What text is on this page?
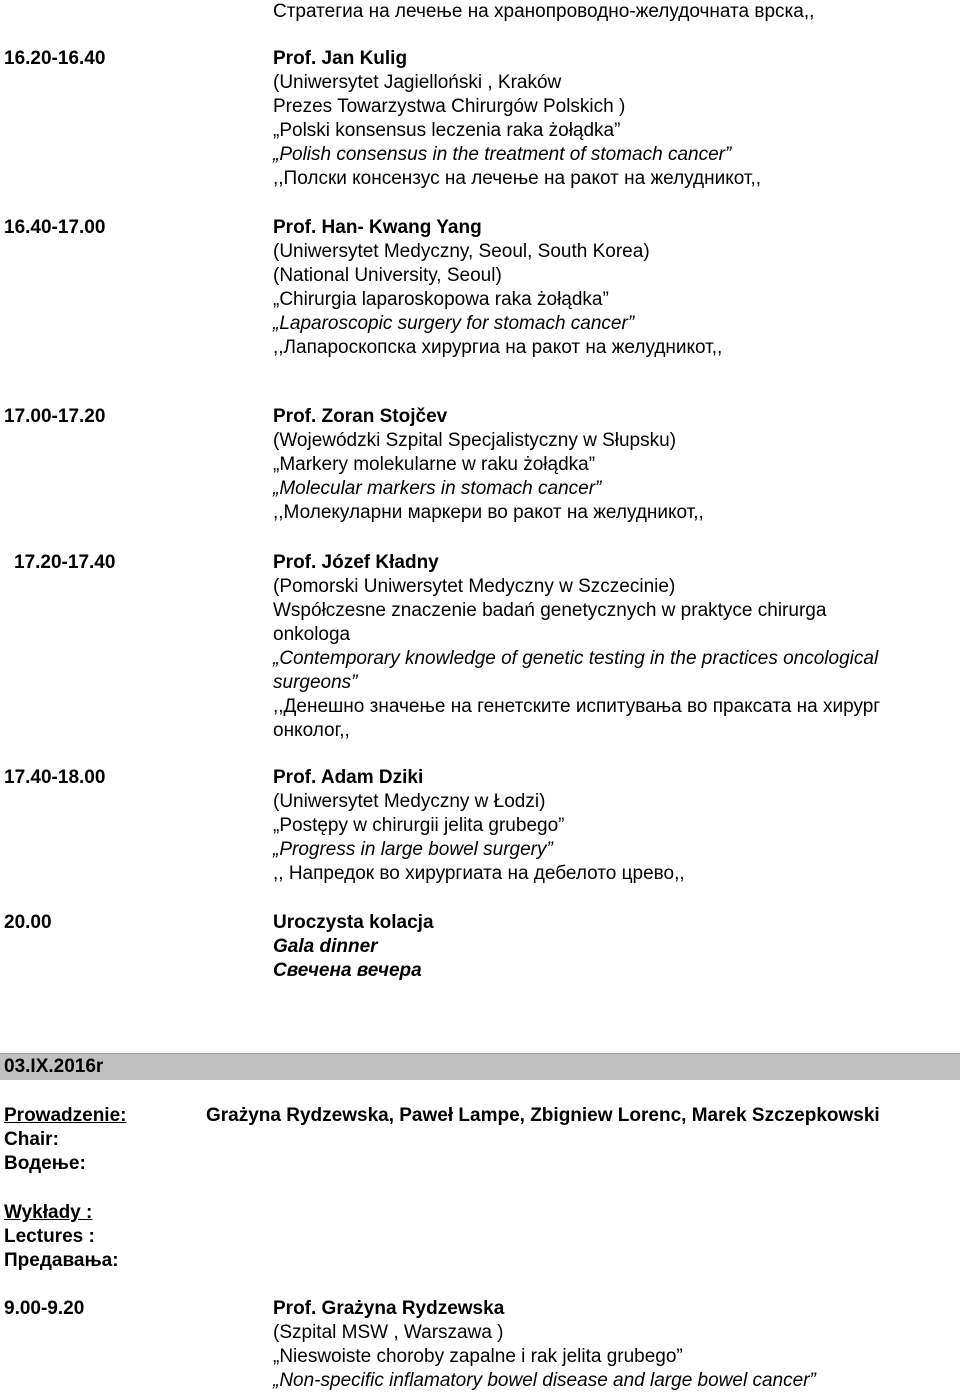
Стратегиа на лечење на хранопроводно-желудочната врска,,
16.20-16.40	Prof. Jan Kulig
(Uniwersytet Jagielloński , Kraków
Prezes Towarzystwa Chirurgów Polskich )
„Polski konsensus leczenia raka żołądka”
„Polish consensus in the treatment of stomach cancer”
,,Полски консензус на лечење на ракот на желудникот,,
16.40-17.00	Prof. Han- Kwang Yang
(Uniwersytet Medyczny, Seoul, South Korea)
(National University, Seoul)
„Chirurgia laparoskopowa raka żołądka”
„Laparoscopic surgery for stomach cancer”
,,Лапароскопска хирургиа на ракот на желудникот,,
17.00-17.20	Prof. Zoran Stojčev
(Wojewódzki Szpital Specjalistyczny w Słupsku)
„Markery molekularne w raku żołądka”
„Molecular markers in stomach cancer”
,,Молекуларни маркери во ракот на желудникот,,
17.20-17.40	Prof. Józef Kładny
(Pomorski Uniwersytet Medyczny w Szczecinie)
Współczesne znaczenie badań genetycznych w praktyce chirurga
onkologa
„Contemporary knowledge of genetic testing in the practices oncological
surgeons”
,,Денешно значење на генетските испитувања во праксата на хирург
онколог,,
17.40-18.00	Prof. Adam Dziki
(Uniwersytet Medyczny w Łodzi)
„Postępy w chirurgii jelita grubego”
„Progress in large bowel surgery”
,, Напредок во хирургиата на дебелото црево,,
20.00	Uroczysta kolacja
Gala dinner
Свечена вечера
03.IX.2016r
Prowadzenie:
Chair:
Водење:
Grażyna Rydzewska, Paweł Lampe, Zbigniew Lorenc, Marek Szczepkowski
Wykłady :
Lectures :
Предавања:
9.00-9.20	Prof. Grażyna Rydzewska
(Szpital MSW , Warszawa )
„Nieswoiste choroby zapalne i rak jelita grubego”
„Non-specific inflamatory bowel disease and large bowel cancer”
